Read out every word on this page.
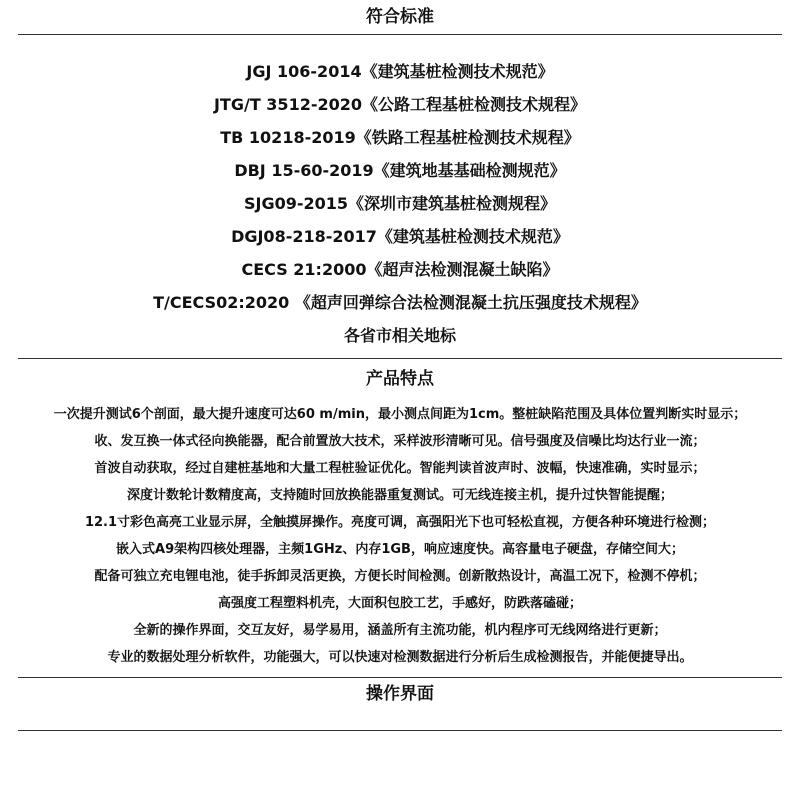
符合标准
JGJ 106-2014《建筑基桩检测技术规范》
JTG/T 3512-2020《公路工程基桩检测技术规程》
TB 10218-2019《铁路工程基桩检测技术规程》
DBJ 15-60-2019《建筑地基基础检测规范》
SJG09-2015《深圳市建筑基桩检测规程》
DGJ08-218-2017《建筑基桩检测技术规范》
CECS 21:2000《超声法检测混凝土缺陷》
T/CECS02:2020 《超声回弹综合法检测混凝土抗压强度技术规程》
各省市相关地标
产品特点
一次提升测试6个剖面，最大提升速度可达60 m/min，最小测点间距为1cm。整桩缺陷范围及具体位置判断实时显示；
收、发互换一体式径向换能器，配合前置放大技术，采样波形清晰可见。信号强度及信噪比均达行业一流；
首波自动获取，经过自建桩基地和大量工程桩验证优化。智能判读首波声时、波幅，快速准确，实时显示；
深度计数轮计数精度高，支持随时回放换能器重复测试。可无线连接主机，提升过快智能提醒；
12.1寸彩色高亮工业显示屏，全触摸屏操作。亮度可调，高强阳光下也可轻松直视，方便各种环境进行检测；
嵌入式A9架构四核处理器，主频1GHz、内存1GB，响应速度快。高容量电子硬盘，存储空间大；
配备可独立充电锂电池，徒手拆卸灵活更换，方便长时间检测。创新散热设计，高温工况下，检测不停机；
高强度工程塑料机壳，大面积包胶工艺，手感好，防跌落磕碰；
全新的操作界面，交互友好，易学易用，涵盖所有主流功能，机内程序可无线网络进行更新；
专业的数据处理分析软件，功能强大，可以快速对检测数据进行分析后生成检测报告，并能便捷导出。
操作界面
